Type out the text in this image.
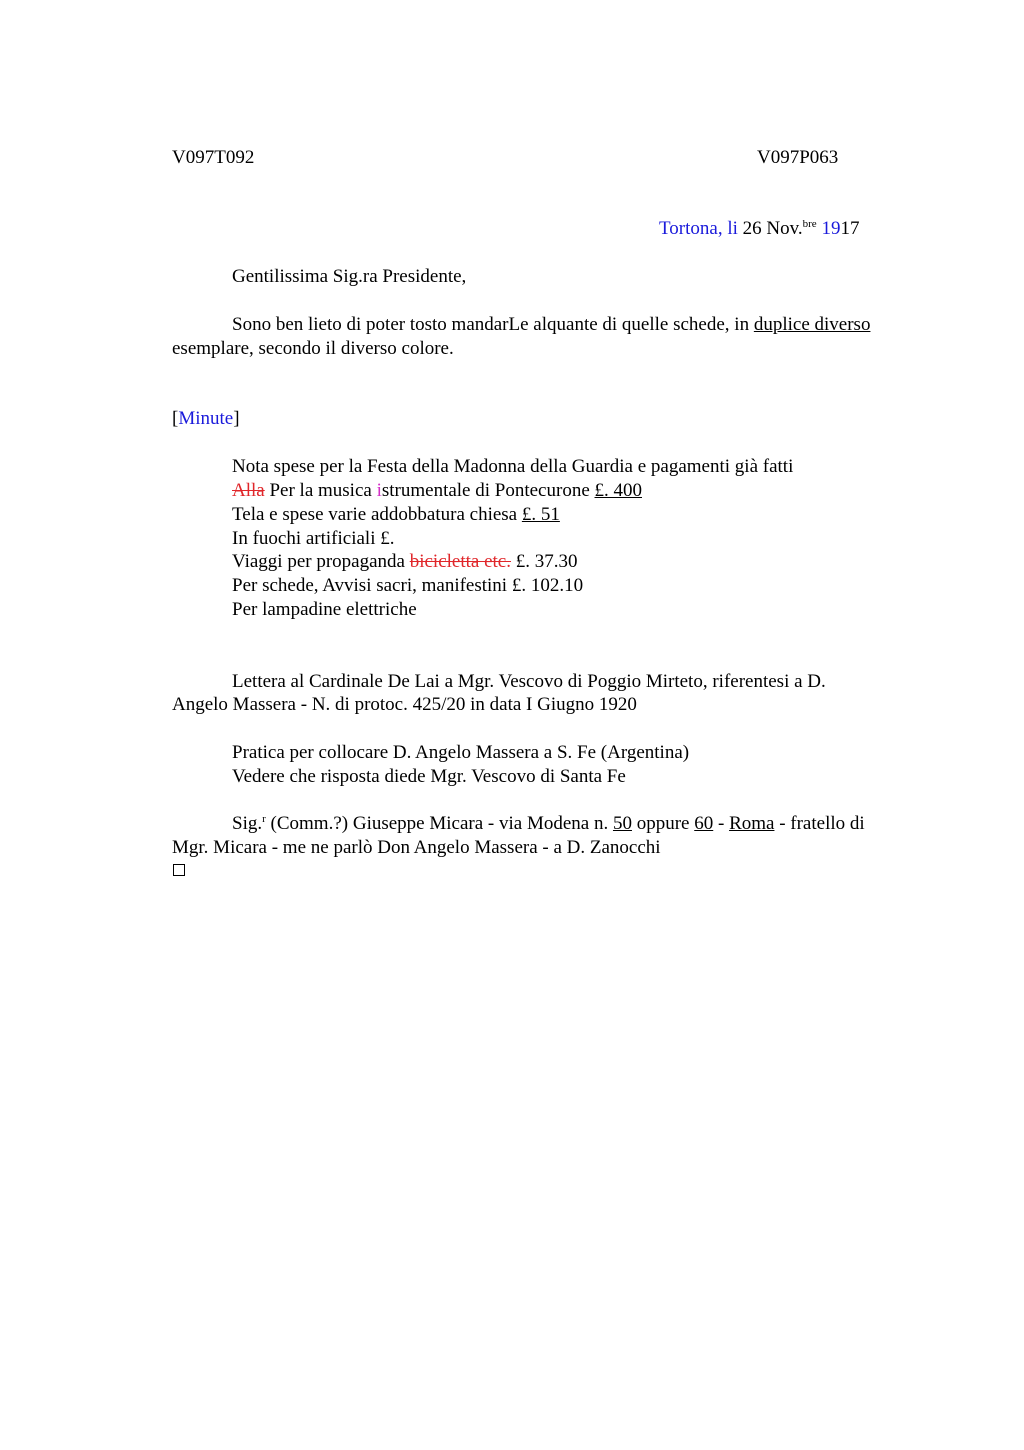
V097T092	V097P063
Tortona, li 26 Nov.$^{bre}$ 1917
Gentilissima Sig.ra Presidente,
Sono ben lieto di poter tosto mandarLe alquante di quelle schede, in duplice diverso
esemplare, secondo il diverso colore.
[Minute]
Nota spese per la Festa della Madonna della Guardia e pagamenti già fatti
Alla Per la musica istrumentale di Pontecurone £. 400
Tela e spese varie addobbatura chiesa £. 51
In fuochi artificiali £.
Viaggi per propaganda bicicletta etc. £. 37.30
Per schede, Avvisi sacri, manifestini £. 102.10
Per lampadine elettriche
Lettera al Cardinale De Lai a Mgr. Vescovo di Poggio Mirteto, riferentesi a D.
Angelo Massera - N. di protoc. 425/20 in data I Giugno 1920
Pratica per collocare D. Angelo Massera a S. Fe (Argentina)
Vedere che risposta diede Mgr. Vescovo di Santa Fe
Sig.$^r$ (Comm.?) Giuseppe Micara - via Modena n. 50 oppure 60 - Roma - fratello di
Mgr. Micara - me ne parlò Don Angelo Massera - a D. Zanocchi
